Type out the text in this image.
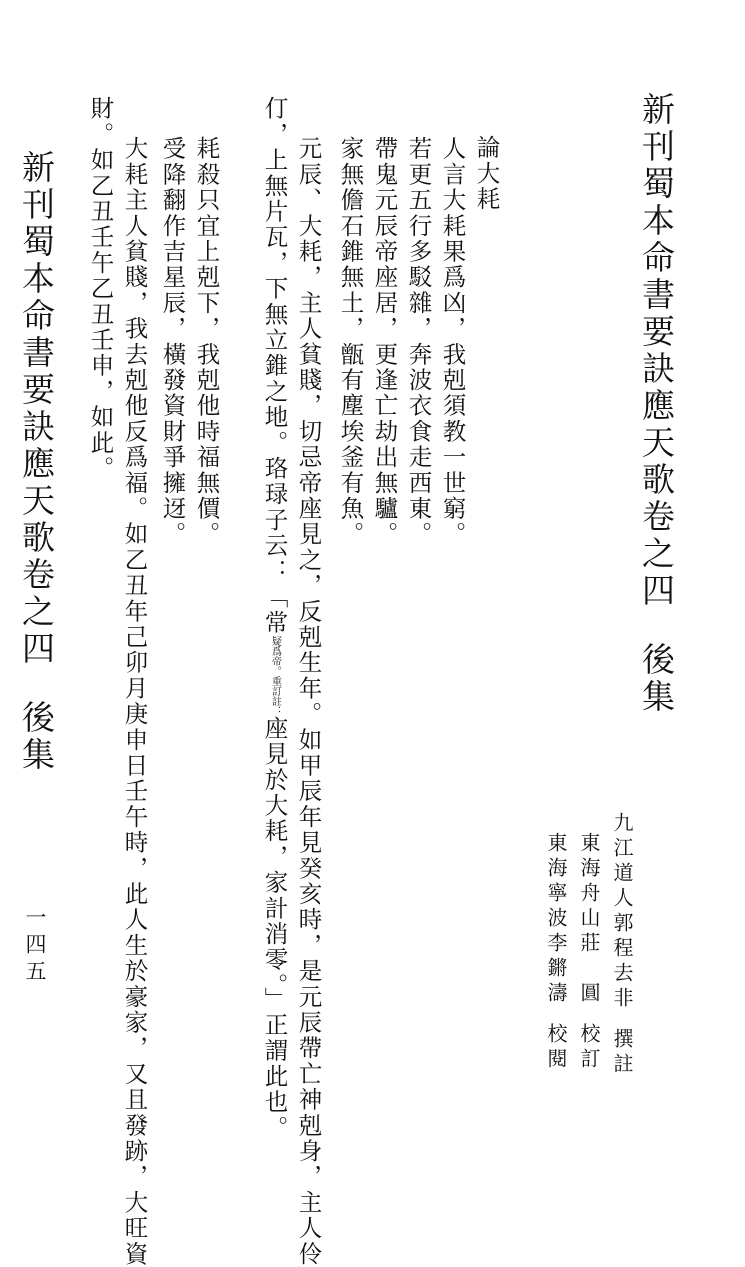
新刊蜀本命書要訣應天歌卷之四後集
九江道人郭程去非撰註
東海舟山莊　圓校訂
東海寧波李鏘濤校閱
論大耗
人言大耗果爲凶，我剋須教一世窮。
若更五行多駁雜，奔波衣食走西東。
帶鬼元辰帝座居，更逢亡劫出無驢。
家無儋石錐無土，甑有塵埃釜有魚。
元辰、大耗，主人貧賤，切忌帝座見之，反剋生年。如甲辰年見癸亥時，是元辰帶亡神剋身，主人伶
仃，上無片瓦，下無立錐之地。珞琭子云：「常
重訂註：
疑爲帝。
座見於大耗，家計消零。」正謂此也。
耗殺只宜上剋下，我剋他時福無價。
受降翻作吉星辰，橫發資財爭擁迓。
大耗主人貧賤，我去剋他反爲福。如乙丑年己卯月庚申日壬午時，此人生於豪家，又且發跡，大旺資
財。如乙丑壬午乙丑壬申，如此。
新刊蜀本命書要訣應天歌卷之四後集
一四五
